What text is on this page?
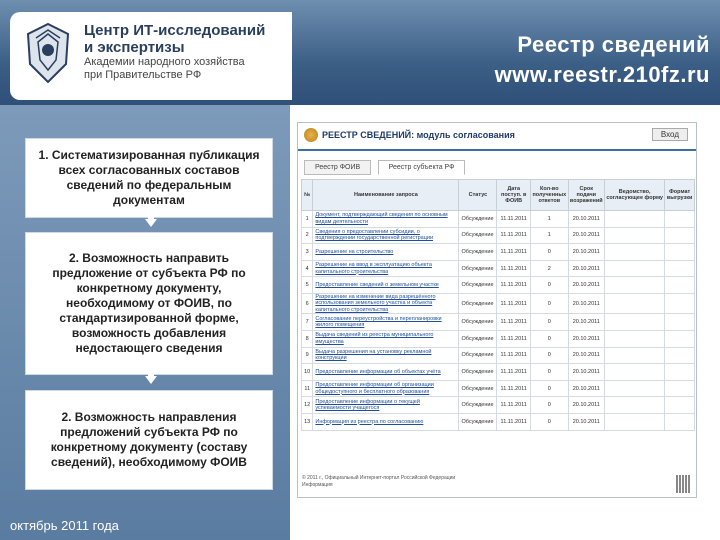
Центр ИТ-исследований
и экспертизы
Академии народного хозяйства
при Правительстве РФ
Реестр сведений
www.reestr.210fz.ru
1. Систематизированная публикация всех согласованных составов сведений по федеральным документам
2. Возможность направить предложение от субъекта РФ по конкретному документу, необходимому от ФОИВ, по стандартизированной форме, возможность добавления недостающего сведения
2. Возможность направления предложений субъекта РФ по конкретному документу (составу сведений), необходимому ФОИВ
октябрь 2011 года
РЕЕСТР СВЕДЕНИЙ: модуль согласования	Вход
Реестр ФОИВ	Реестр субъекта РФ
№	Наименование запроса	Статус	Дата поступ. в ФОИВ	Кол-во полученных ответов	Срок подачи возражений	Ведомство, согласующее форму	Формат выгрузки
1	Документ, подтверждающий сведения по основным видам деятельности	Обсуждение	11.11.2011	1	20.10.2011		
2	Сведения о предоставлении субсидии, о подтверждении государственной регистрации	Обсуждение	11.11.2011	1	20.10.2011		
3	Разрешение на строительство	Обсуждение	11.11.2011	0	20.10.2011		
4	Разрешение на ввод в эксплуатацию объекта капитального строительства	Обсуждение	11.11.2011	2	20.10.2011		
5	Предоставление сведений о земельном участке	Обсуждение	11.11.2011	0	20.10.2011		
6	Разрешение на изменение вида разрешённого использования земельного участка и объекта капитального строительства	Обсуждение	11.11.2011	0	20.10.2011		
7	Согласование переустройства и перепланировки жилого помещения	Обсуждение	11.11.2011	0	20.10.2011		
8	Выдача сведений из реестра муниципального имущества	Обсуждение	11.11.2011	0	20.10.2011		
9	Выдача разрешения на установку рекламной конструкции	Обсуждение	11.11.2011	0	20.10.2011		
10	Предоставление информации об объектах учёта	Обсуждение	11.11.2011	0	20.10.2011		
11	Предоставление информации об организации общедоступного и бесплатного образования	Обсуждение	11.11.2011	0	20.10.2011		
12	Предоставление информации о текущей успеваемости учащегося	Обсуждение	11.11.2011	0	20.10.2011		
13	Информация из реестра по согласованию	Обсуждение	11.11.2011	0	20.10.2011		
© 2011 г., Официальный Интернет-портал Российской Федерации
Информация
